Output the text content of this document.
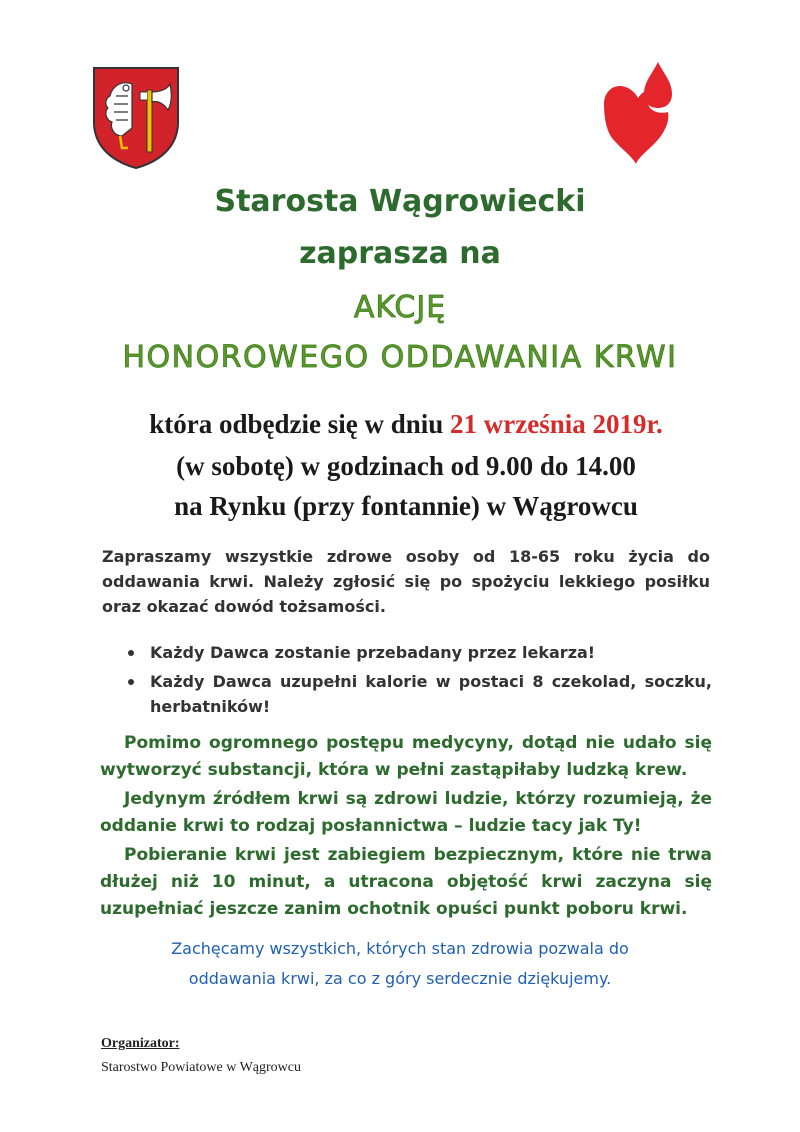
Starosta Wągrowiecki
zaprasza na
AKCJĘ
HONOROWEGO ODDAWANIA KRWI
która odbędzie się w dniu 21 września 2019r.
(w sobotę) w godzinach od 9.00 do 14.00
na Rynku (przy fontannie) w Wągrowcu
Zapraszamy wszystkie zdrowe osoby od 18-65 roku życia do oddawania krwi. Należy zgłosić się po spożyciu lekkiego posiłku oraz okazać dowód tożsamości.
Każdy Dawca zostanie przebadany przez lekarza!
Każdy Dawca uzupełni kalorie w postaci 8 czekolad, soczku, herbatników!

Pomimo ogromnego postępu medycyny, dotąd nie udało się wytworzyć substancji, która w pełni zastąpiłaby ludzką krew.

Jedynym źródłem krwi są zdrowi ludzie, którzy rozumieją, że oddanie krwi to rodzaj posłannictwa – ludzie tacy jak Ty!

Pobieranie krwi jest zabiegiem bezpiecznym, które nie trwa dłużej niż 10 minut, a utracona objętość krwi zaczyna się uzupełniać jeszcze zanim ochotnik opuści punkt poboru krwi.

Zachęcamy wszystkich, których stan zdrowia pozwala do
oddawania krwi, za co z góry serdecznie dziękujemy.
Organizator:
Starostwo Powiatowe w Wągrowcu
